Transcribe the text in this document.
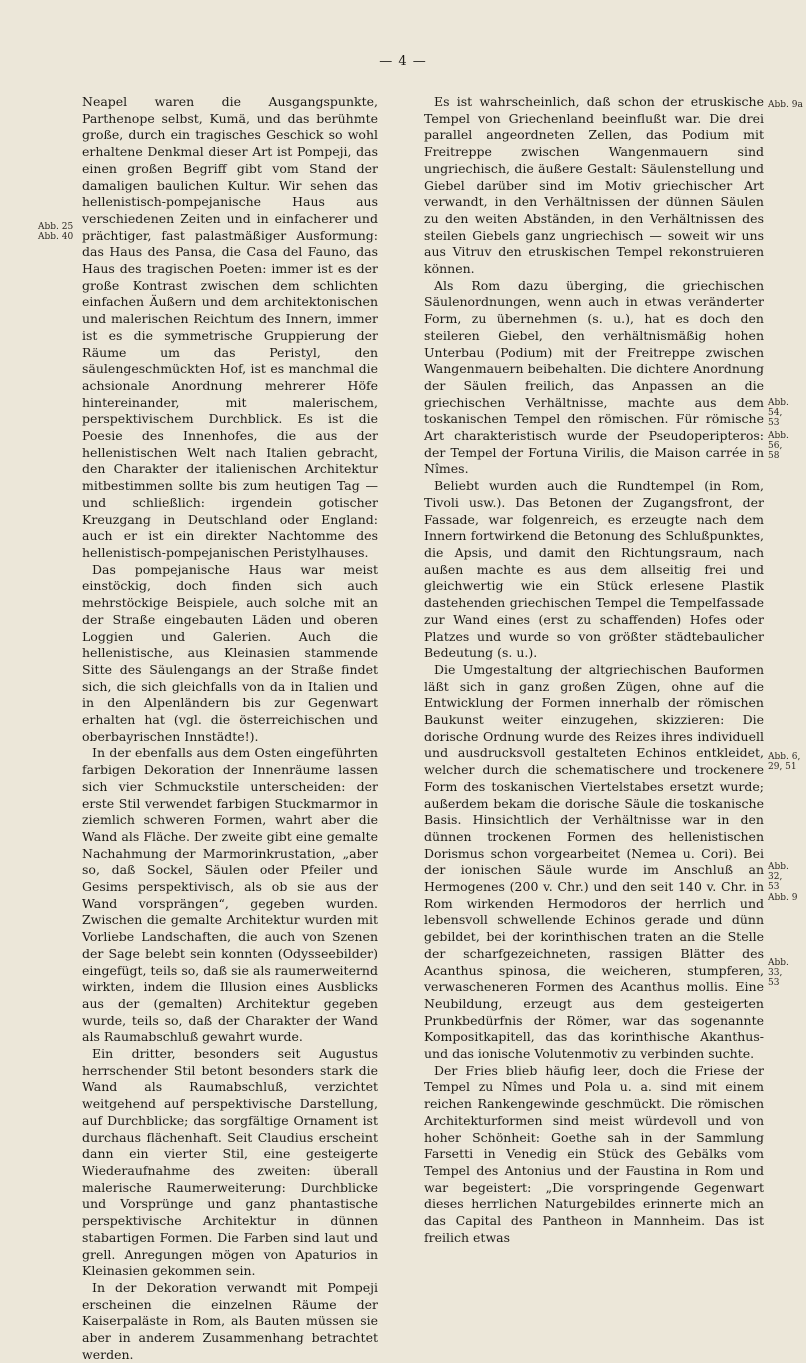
— 4 —

Neapel waren die Ausgangspunkte, Parthenope selbst, Kumä, und das berühmte große, durch ein tragisches Geschick so wohl erhaltene Denkmal dieser Art ist Pompeji, das einen großen Begriff gibt vom Stand der damaligen baulichen Kultur. Wir sehen das hellenistisch-pompejanische Haus aus verschiedenen Zeiten und in einfacherer und prächtiger, fast palastmäßiger Ausformung: das Haus des Pansa, die Casa del Fauno, das Haus des tragischen Poeten: immer ist es der große Kontrast zwischen dem schlichten einfachen Äußern und dem architektonischen und malerischen Reichtum des Innern, immer ist es die symmetrische Gruppierung der Räume um das Peristyl, den säulengeschmückten Hof, ist es manchmal die achsionale Anordnung mehrerer Höfe hintereinander, mit malerischem, perspektivischem Durchblick. Es ist die Poesie des Innenhofes, die aus der hellenistischen Welt nach Italien gebracht, den Charakter der italienischen Architektur mitbestimmen sollte bis zum heutigen Tag — und schließlich: irgendein gotischer Kreuzgang in Deutschland oder England: auch er ist ein direkter Nachtomme des hellenistisch-pompejanischen Peristylhauses.

Das pompejanische Haus war meist einstöckig, doch finden sich auch mehrstöckige Beispiele, auch solche mit an der Straße eingebauten Läden und oberen Loggien und Galerien. Auch die hellenistische, aus Kleinasien stammende Sitte des Säulengangs an der Straße findet sich, die sich gleichfalls von da in Italien und in den Alpenländern bis zur Gegenwart erhalten hat (vgl. die österreichischen und oberbayrischen Innstädte!).

In der ebenfalls aus dem Osten eingeführten farbigen Dekoration der Innenräume lassen sich vier Schmuckstile unterscheiden: der erste Stil verwendet farbigen Stuckmarmor in ziemlich schweren Formen, wahrt aber die Wand als Fläche. Der zweite gibt eine gemalte Nachahmung der Marmorinkrustation, „aber so, daß Sockel, Säulen oder Pfeiler und Gesims perspektivisch, als ob sie aus der Wand vorsprängen“, gegeben wurden. Zwischen die gemalte Architektur wurden mit Vorliebe Landschaften, die auch von Szenen der Sage belebt sein konnten (Odysseebilder) eingefügt, teils so, daß sie als raumerweiternd wirkten, indem die Illusion eines Ausblicks aus der (gemalten) Architektur gegeben wurde, teils so, daß der Charakter der Wand als Raumabschluß gewahrt wurde.

Ein dritter, besonders seit Augustus herrschender Stil betont besonders stark die Wand als Raumabschluß, verzichtet weitgehend auf perspektivische Darstellung, auf Durchblicke; das sorgfältige Ornament ist durchaus flächenhaft. Seit Claudius erscheint dann ein vierter Stil, eine gesteigerte Wiederaufnahme des zweiten: überall malerische Raumerweiterung: Durchblicke und Vorsprünge und ganz phantastische perspektivische Architektur in dünnen stabartigen Formen. Die Farben sind laut und grell. Anregungen mögen von Apaturios in Kleinasien gekommen sein.

In der Dekoration verwandt mit Pompeji erscheinen die einzelnen Räume der Kaiserpaläste in Rom, als Bauten müssen sie aber in anderem Zusammenhang betrachtet werden.

Es ist wahrscheinlich, daß schon der etruskische Tempel von Griechenland beeinflußt war. Die drei parallel angeordneten Zellen, das Podium mit Freitreppe zwischen Wangenmauern sind ungriechisch, die äußere Gestalt: Säulenstellung und Giebel darüber sind im Motiv griechischer Art verwandt, in den Verhältnissen der dünnen Säulen zu den weiten Abständen, in den Verhältnissen des steilen Giebels ganz ungriechisch — soweit wir uns aus Vitruv den etruskischen Tempel rekonstruieren können.

Als Rom dazu überging, die griechischen Säulenordnungen, wenn auch in etwas veränderter Form, zu übernehmen (s. u.), hat es doch den steileren Giebel, den verhältnismäßig hohen Unterbau (Podium) mit der Freitreppe zwischen Wangenmauern beibehalten. Die dichtere Anordnung der Säulen freilich, das Anpassen an die griechischen Verhältnisse, machte aus dem toskanischen Tempel den römischen. Für römische Art charakteristisch wurde der Pseudoperipteros: der Tempel der Fortuna Virilis, die Maison carrée in Nîmes.

Beliebt wurden auch die Rundtempel (in Rom, Tivoli usw.). Das Betonen der Zugangsfront, der Fassade, war folgenreich, es erzeugte nach dem Innern fortwirkend die Betonung des Schlußpunktes, die Apsis, und damit den Richtungsraum, nach außen machte es aus dem allseitig frei und gleichwertig wie ein Stück erlesene Plastik dastehenden griechischen Tempel die Tempelfassade zur Wand eines (erst zu schaffenden) Hofes oder Platzes und wurde so von größter städtebaulicher Bedeutung (s. u.).

Die Umgestaltung der altgriechischen Bauformen läßt sich in ganz großen Zügen, ohne auf die Entwicklung der Formen innerhalb der römischen Baukunst weiter einzugehen, skizzieren: Die dorische Ordnung wurde des Reizes ihres individuell und ausdrucksvoll gestalteten Echinos entkleidet, welcher durch die schematischere und trockenere Form des toskanischen Viertelstabes ersetzt wurde; außerdem bekam die dorische Säule die toskanische Basis. Hinsichtlich der Verhältnisse war in den dünnen trockenen Formen des hellenistischen Dorismus schon vorgearbeitet (Nemea u. Cori). Bei der ionischen Säule wurde im Anschluß an Hermogenes (200 v. Chr.) und den seit 140 v. Chr. in Rom wirkenden Hermodoros der herrlich und lebensvoll schwellende Echinos gerade und dünn gebildet, bei der korinthischen traten an die Stelle der scharfgezeichneten, rassigen Blätter des Acanthus spinosa, die weicheren, stumpferen, verwascheneren Formen des Acanthus mollis. Eine Neubildung, erzeugt aus dem gesteigerten Prunkbedürfnis der Römer, war das sogenannte Kompositkapitell, das das korinthische Akanthus- und das ionische Volutenmotiv zu verbinden suchte.

Der Fries blieb häufig leer, doch die Friese der Tempel zu Nîmes und Pola u. a. sind mit einem reichen Rankengewinde geschmückt. Die römischen Architekturformen sind meist würdevoll und von hoher Schönheit: Goethe sah in der Sammlung Farsetti in Venedig ein Stück des Gebälks vom Tempel des Antonius und der Faustina in Rom und war begeistert: „Die vorspringende Gegenwart dieses herrlichen Naturgebildes erinnerte mich an das Capital des Pantheon in Mannheim. Das ist freilich etwas

Abb. 25
Abb. 40
Abb. 9a
Abb. 54,
53
Abb. 56,
58
Abb. 6,
29, 51
Abb. 32,
53
Abb. 9
Abb. 33,
53
